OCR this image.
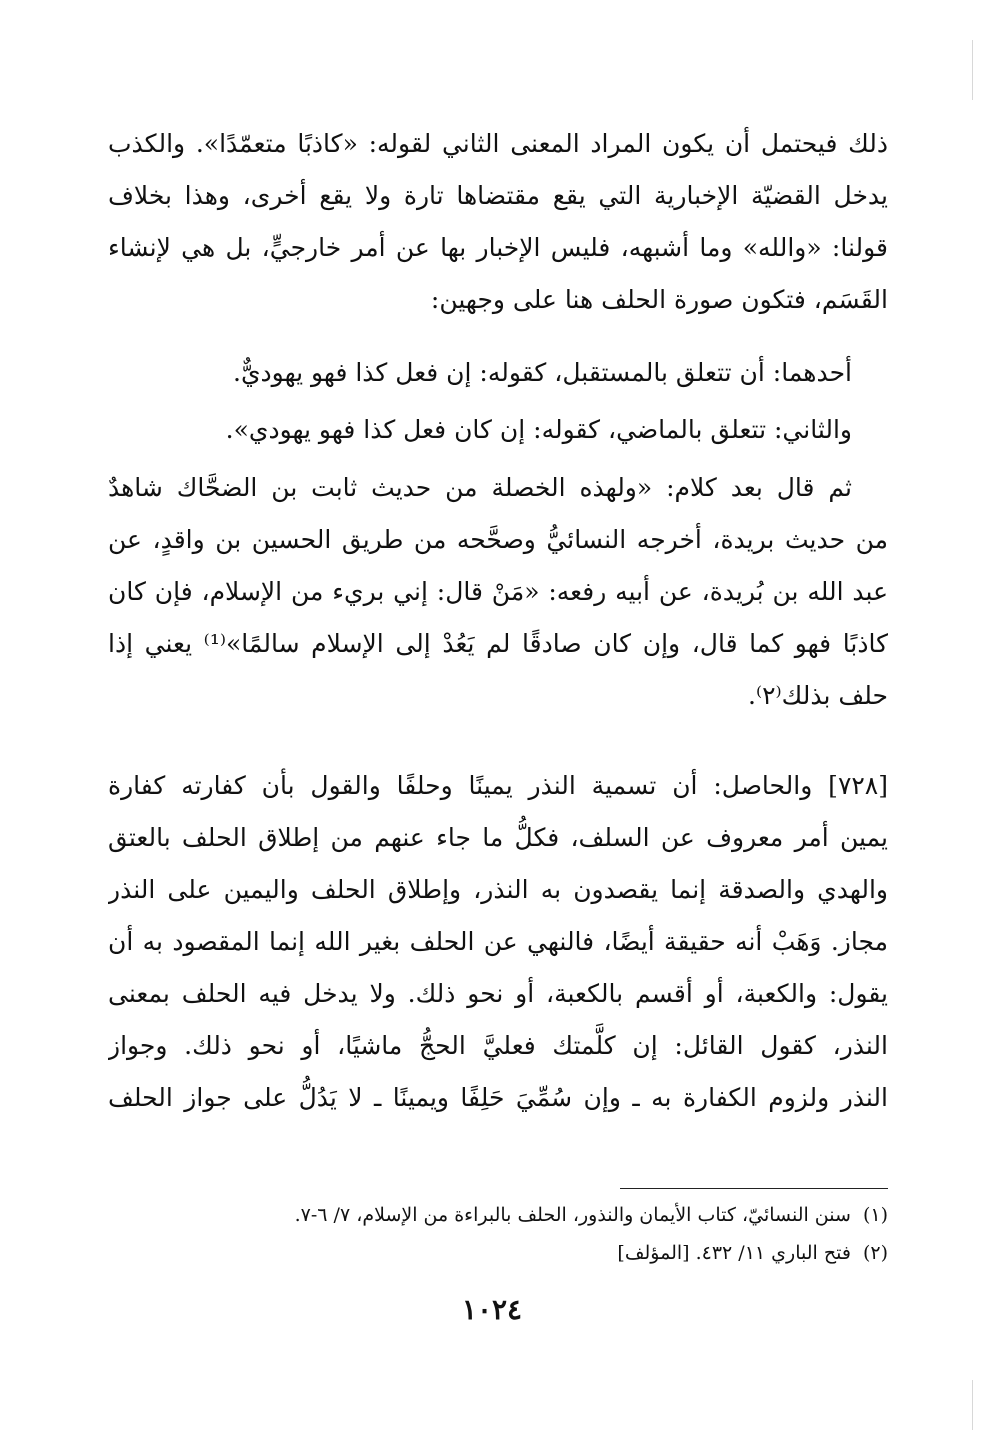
ذلك فيحتمل أن يكون المراد المعنى الثاني لقوله: «كاذبًا متعمّدًا». والكذب
يدخل القضيّة الإخبارية التي يقع مقتضاها تارة ولا يقع أخرى، وهذا بخلاف
قولنا: «والله» وما أشبهه، فليس الإخبار بها عن أمر خارجيٍّ، بل هي لإنشاء
القَسَم، فتكون صورة الحلف هنا على وجهين:
أحدهما: أن تتعلق بالمستقبل، كقوله: إن فعل كذا فهو يهوديٌّ.
والثاني: تتعلق بالماضي، كقوله: إن كان فعل كذا فهو يهودي».
ثم قال بعد كلام: «ولهذه الخصلة من حديث ثابت بن الضحَّاك شاهدٌ
من حديث بريدة، أخرجه النسائيُّ وصحَّحه من طريق الحسين بن واقدٍ، عن
عبد الله بن بُريدة، عن أبيه رفعه: «مَنْ قال: إني بريء من الإسلام، فإن كان
كاذبًا فهو كما قال، وإن كان صادقًا لم يَعُدْ إلى الإسلام سالمًا»⁽¹⁾ يعني إذا
حلف بذلك⁽٢⁾.
[٧٢٨] والحاصل: أن تسمية النذر يمينًا وحلفًا والقول بأن كفارته كفارة
يمين أمر معروف عن السلف، فكلُّ ما جاء عنهم من إطلاق الحلف بالعتق
والهدي والصدقة إنما يقصدون به النذر، وإطلاق الحلف واليمين على النذر
مجاز. وَهَبْ أنه حقيقة أيضًا، فالنهي عن الحلف بغير الله إنما المقصود به أن
يقول: والكعبة، أو أقسم بالكعبة، أو نحو ذلك. ولا يدخل فيه الحلف بمعنى
النذر، كقول القائل: إن كلَّمتك فعليَّ الحجُّ ماشيًا، أو نحو ذلك. وجواز
النذر ولزوم الكفارة به ـ وإن سُمِّيَ حَلِفًا ويمينًا ـ لا يَدُلُّ على جواز الحلف
(١)سنن النسائيّ، كتاب الأيمان والنذور، الحلف بالبراءة من الإسلام، ٧/ ٦-٧.
(٢)فتح الباري ١١/ ٤٣٢. [المؤلف]
١٠٢٤
